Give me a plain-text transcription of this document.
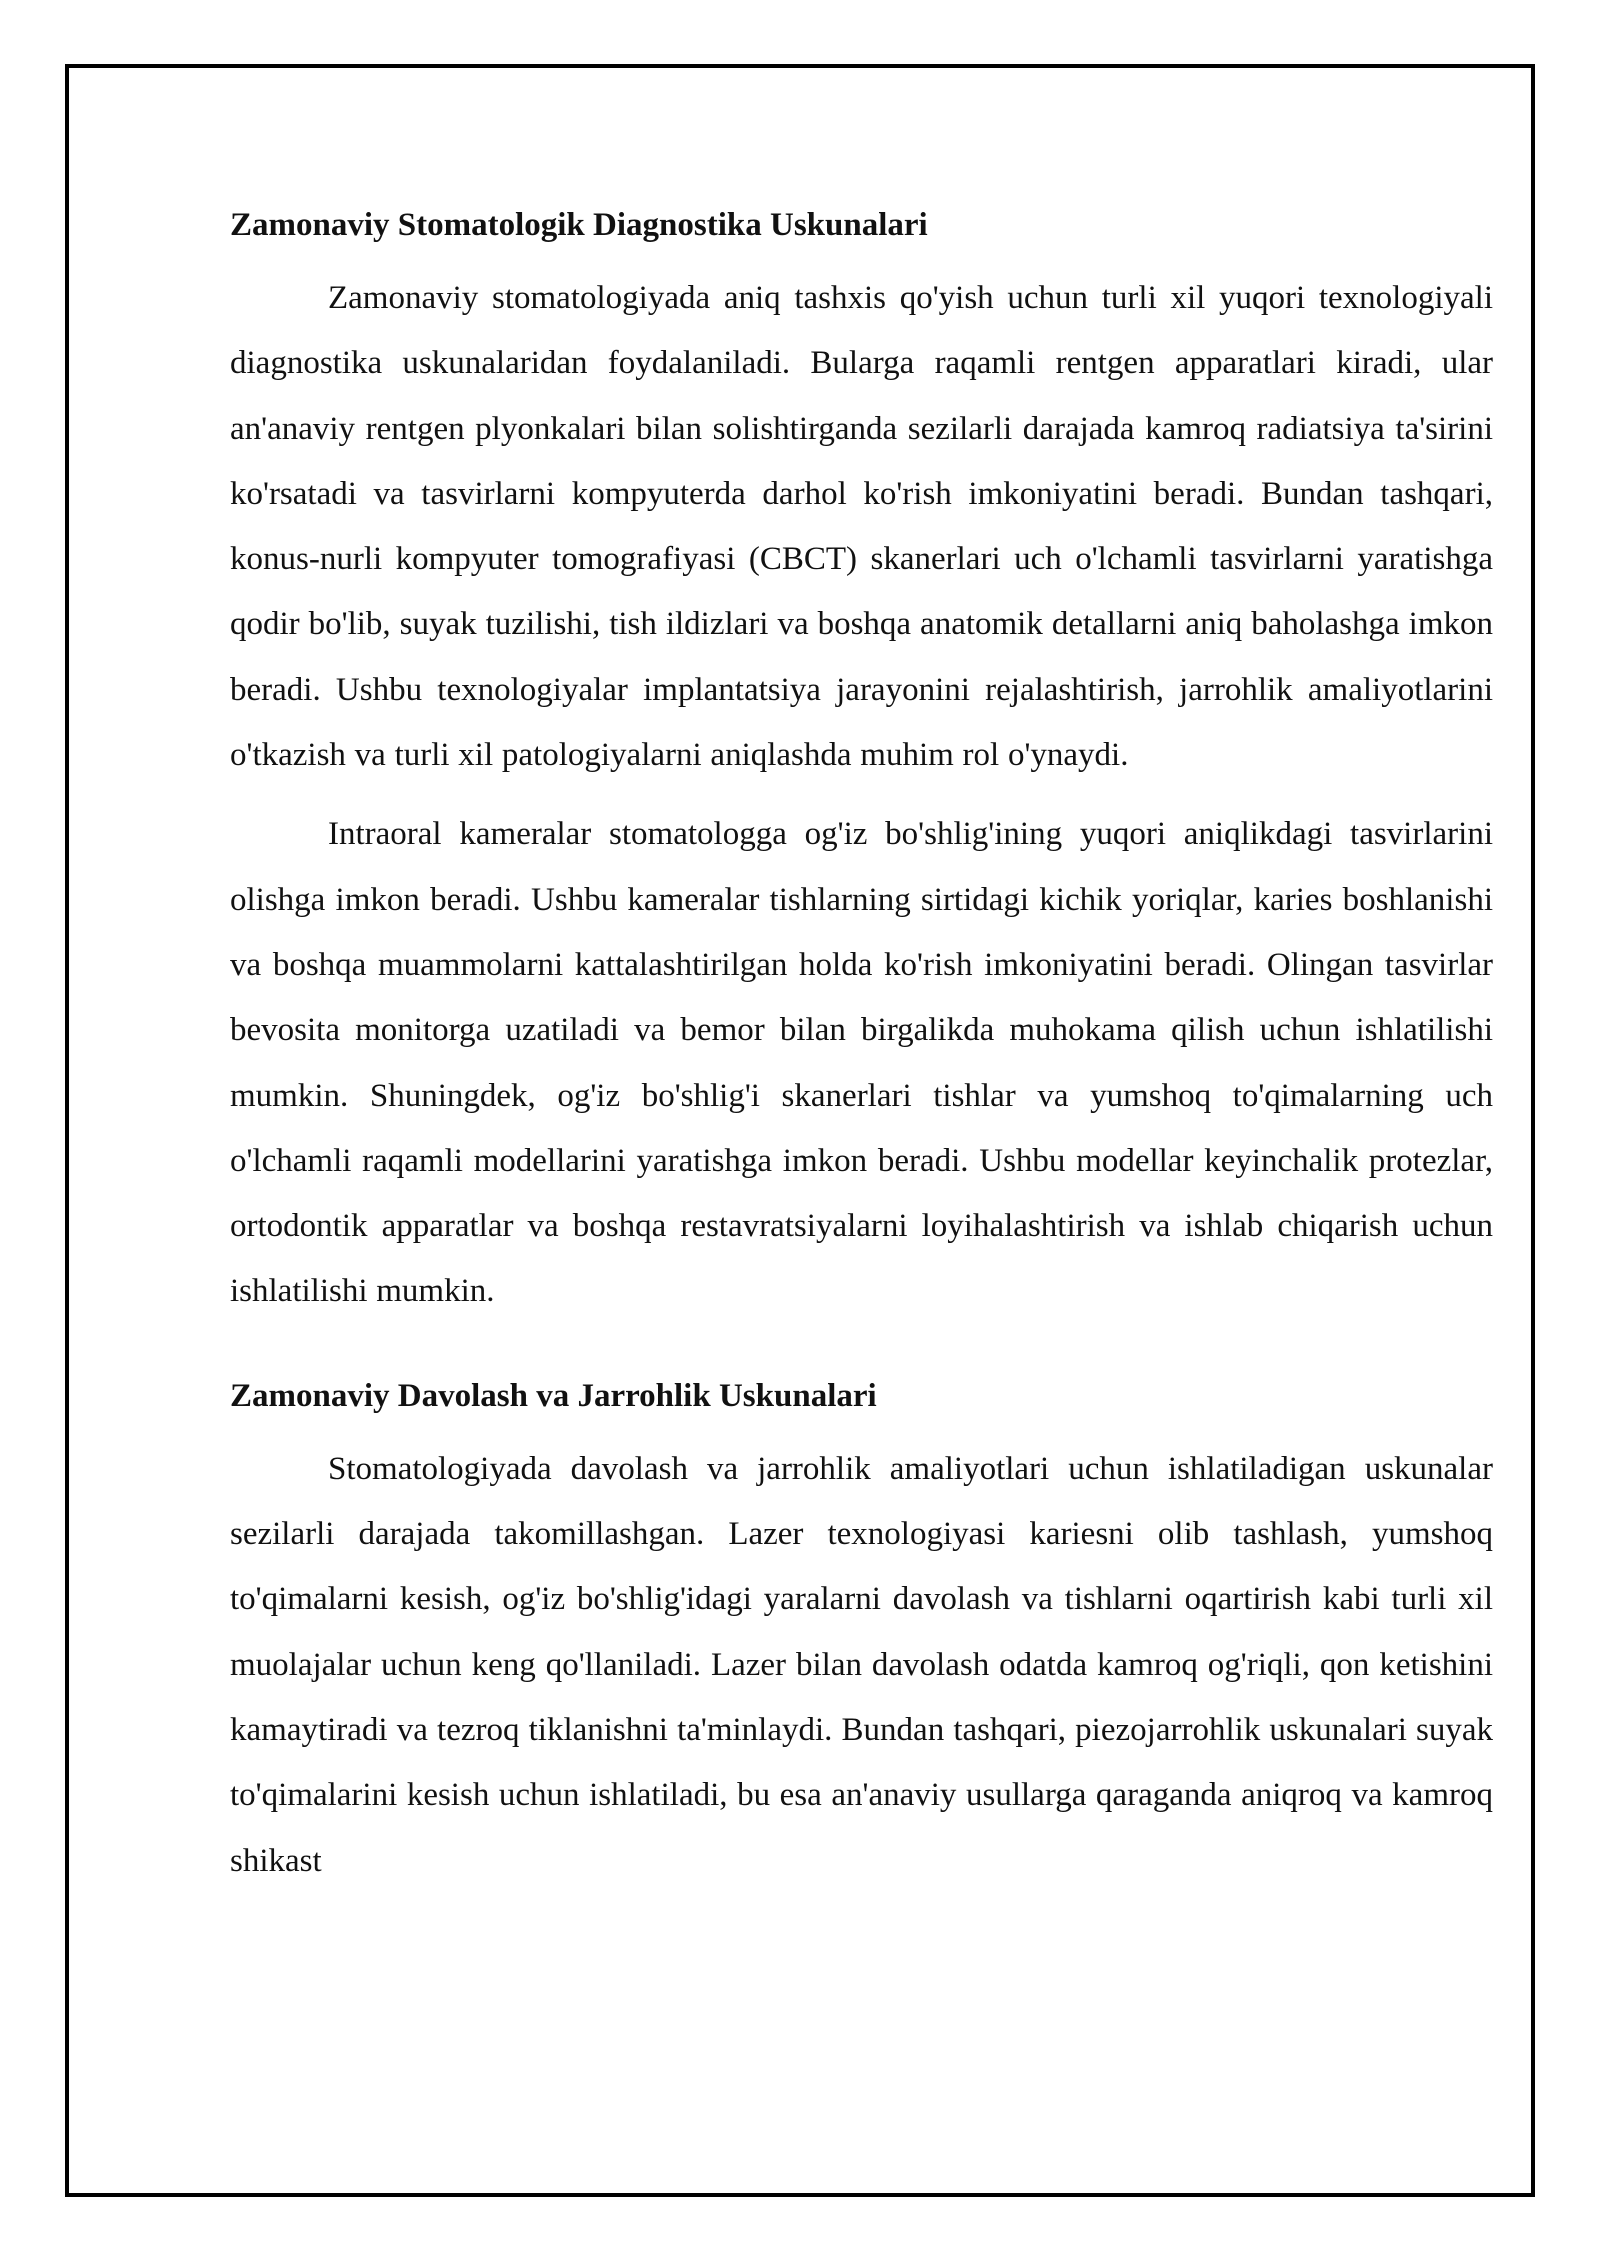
Zamonaviy Stomatologik Diagnostika Uskunalari

Zamonaviy stomatologiyada aniq tashxis qo'yish uchun turli xil yuqori texnologiyali diagnostika uskunalaridan foydalaniladi. Bularga raqamli rentgen apparatlari kiradi, ular an'anaviy rentgen plyonkalari bilan solishtirganda sezilarli darajada kamroq radiatsiya ta'sirini ko'rsatadi va tasvirlarni kompyuterda darhol ko'rish imkoniyatini beradi. Bundan tashqari, konus-nurli kompyuter tomografiyasi (CBCT) skanerlari uch o'lchamli tasvirlarni yaratishga qodir bo'lib, suyak tuzilishi, tish ildizlari va boshqa anatomik detallarni aniq baholashga imkon beradi. Ushbu texnologiyalar implantatsiya jarayonini rejalashtirish, jarrohlik amaliyotlarini o'tkazish va turli xil patologiyalarni aniqlashda muhim rol o'ynaydi.

Intraoral kameralar stomatologga og'iz bo'shlig'ining yuqori aniqlikdagi tasvirlarini olishga imkon beradi. Ushbu kameralar tishlarning sirtidagi kichik yoriqlar, karies boshlanishi va boshqa muammolarni kattalashtirilgan holda ko'rish imkoniyatini beradi. Olingan tasvirlar bevosita monitorga uzatiladi va bemor bilan birgalikda muhokama qilish uchun ishlatilishi mumkin. Shuningdek, og'iz bo'shlig'i skanerlari tishlar va yumshoq to'qimalarning uch o'lchamli raqamli modellarini yaratishga imkon beradi. Ushbu modellar keyinchalik protezlar, ortodontik apparatlar va boshqa restavratsiyalarni loyihalashtirish va ishlab chiqarish uchun ishlatilishi mumkin.

Zamonaviy Davolash va Jarrohlik Uskunalari

Stomatologiyada davolash va jarrohlik amaliyotlari uchun ishlatiladigan uskunalar sezilarli darajada takomillashgan. Lazer texnologiyasi kariesni olib tashlash, yumshoq to'qimalarni kesish, og'iz bo'shlig'idagi yaralarni davolash va tishlarni oqartirish kabi turli xil muolajalar uchun keng qo'llaniladi. Lazer bilan davolash odatda kamroq og'riqli, qon ketishini kamaytiradi va tezroq tiklanishni ta'minlaydi. Bundan tashqari, piezojarrohlik uskunalari suyak to'qimalarini kesish uchun ishlatiladi, bu esa an'anaviy usullarga qaraganda aniqroq va kamroq shikast
